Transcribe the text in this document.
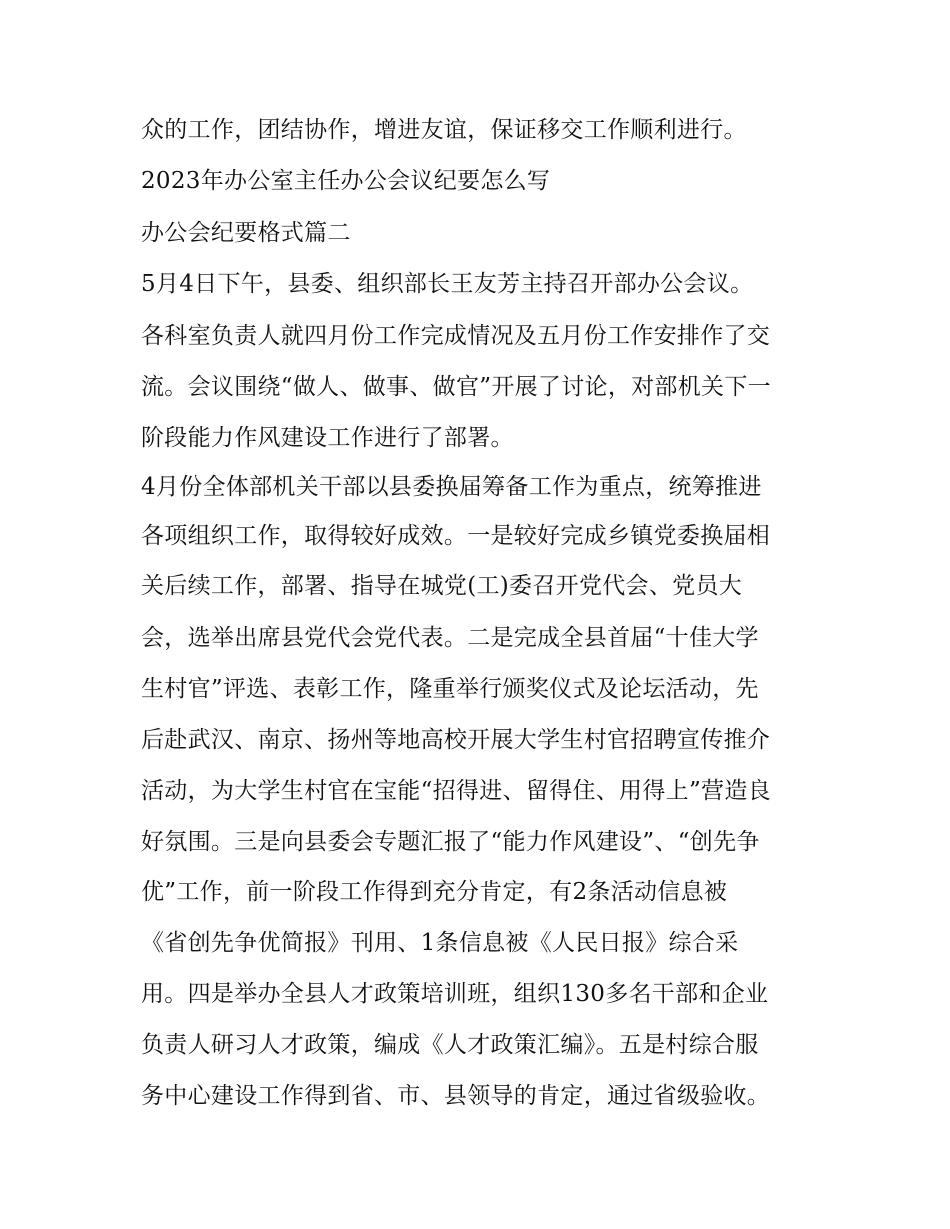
众的工作，团结协作，增进友谊，保证移交工作顺利进行。
2023年办公室主任办公会议纪要怎么写
办公会纪要格式篇二
5月4日下午，县委、组织部长王友芳主持召开部办公会议。
各科室负责人就四月份工作完成情况及五月份工作安排作了交
流。会议围绕“做人、做事、做官”开展了讨论，对部机关下一
阶段能力作风建设工作进行了部署。
4月份全体部机关干部以县委换届筹备工作为重点，统筹推进
各项组织工作，取得较好成效。一是较好完成乡镇党委换届相
关后续工作，部署、指导在城党(工)委召开党代会、党员大
会，选举出席县党代会党代表。二是完成全县首届“十佳大学
生村官”评选、表彰工作，隆重举行颁奖仪式及论坛活动，先
后赴武汉、南京、扬州等地高校开展大学生村官招聘宣传推介
活动，为大学生村官在宝能“招得进、留得住、用得上”营造良
好氛围。三是向县委会专题汇报了“能力作风建设”、“创先争
优”工作，前一阶段工作得到充分肯定，有2条活动信息被
《省创先争优简报》刊用、1条信息被《人民日报》综合采
用。四是举办全县人才政策培训班，组织130多名干部和企业
负责人研习人才政策，编成《人才政策汇编》。五是村综合服
务中心建设工作得到省、市、县领导的肯定，通过省级验收。
